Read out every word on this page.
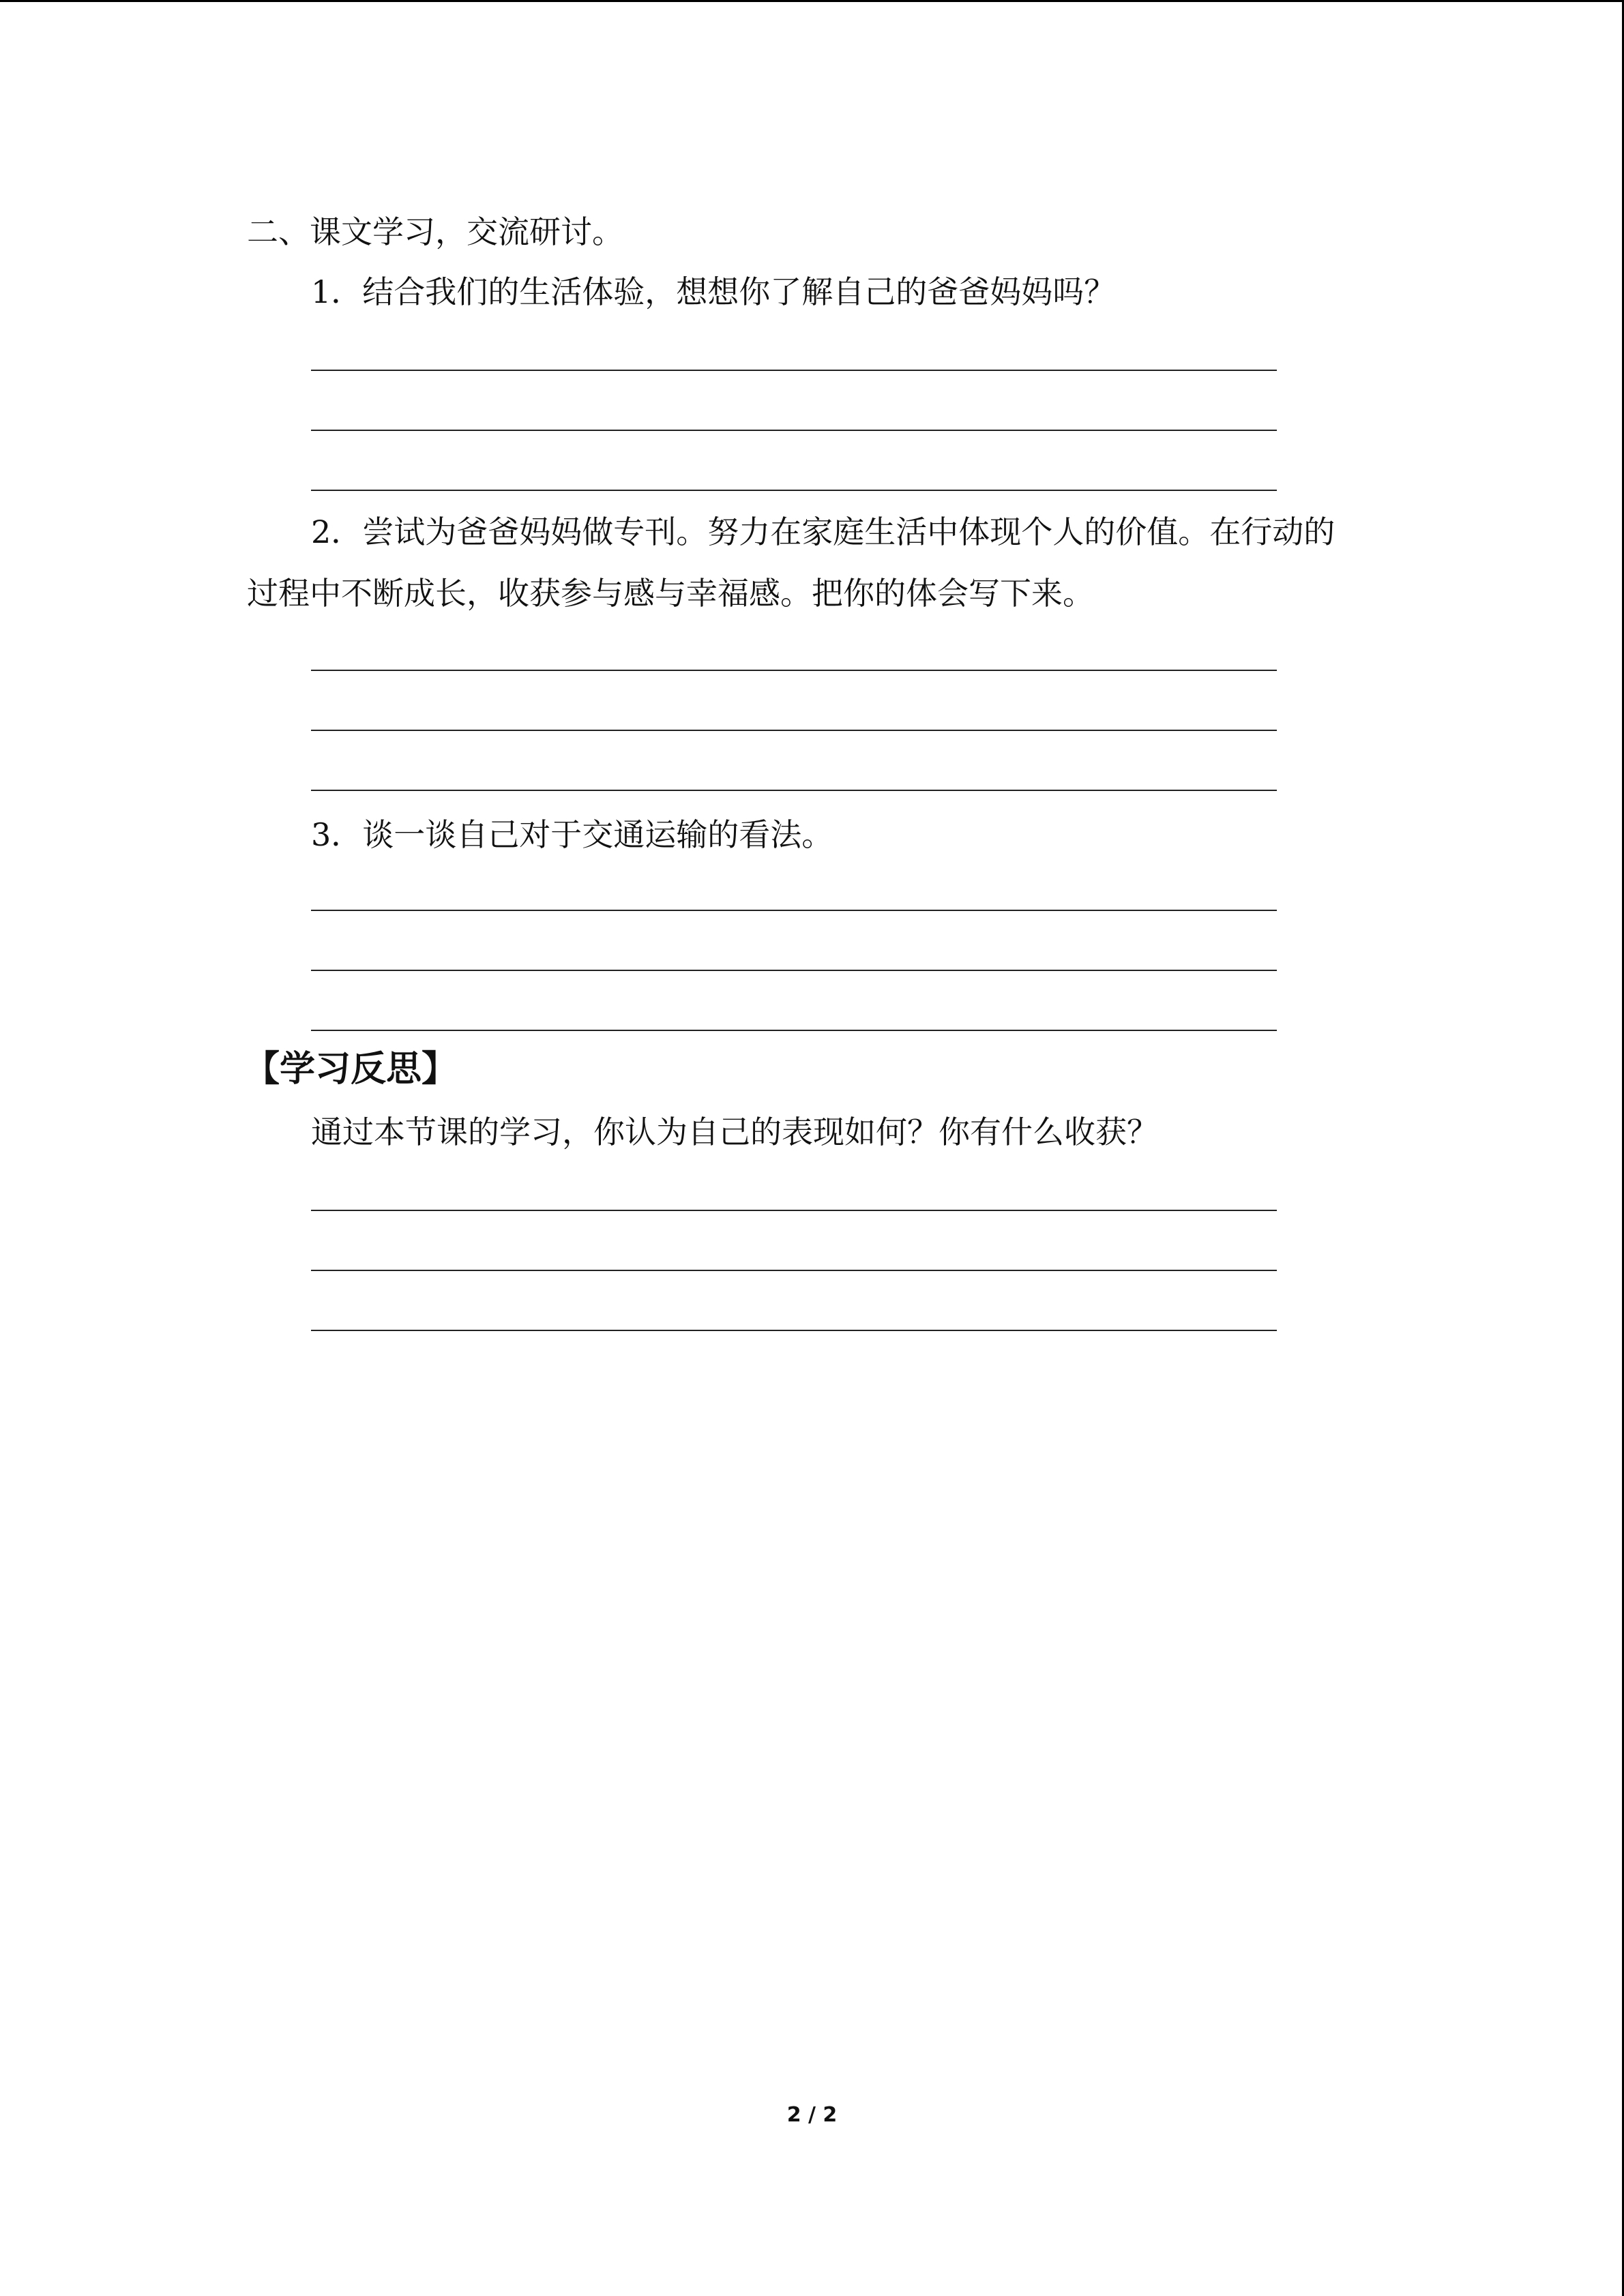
二、课文学习，交流研讨。
1．结合我们的生活体验，想想你了解自己的爸爸妈妈吗？
2．尝试为爸爸妈妈做专刊。努力在家庭生活中体现个人的价值。在行动的
过程中不断成长，收获参与感与幸福感。把你的体会写下来。
3．谈一谈自己对于交通运输的看法。
【学习反思】
通过本节课的学习，你认为自己的表现如何？你有什么收获？
2 / 2
